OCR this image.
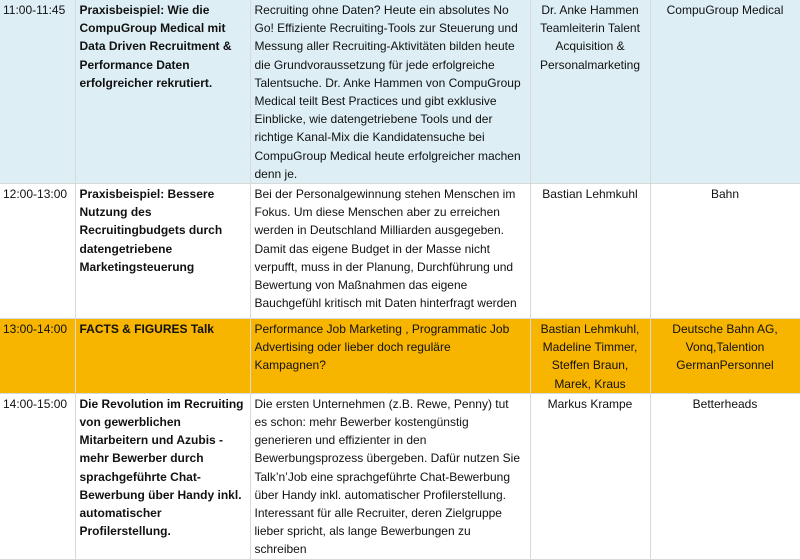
11:00-11:45	Praxisbeispiel: Wie die CompuGroup Medical mit Data Driven Recruitment & Performance Daten erfolgreicher rekrutiert.	Recruiting ohne Daten? Heute ein absolutes No Go! Effiziente Recruiting-Tools zur Steuerung und Messung aller Recruiting-Aktivitäten bilden heute die Grundvoraussetzung für jede erfolgreiche Talentsuche. Dr. Anke Hammen von CompuGroup Medical teilt Best Practices und gibt exklusive Einblicke, wie datengetriebene Tools und der richtige Kanal-Mix die Kandidatensuche bei CompuGroup Medical heute erfolgreicher machen denn je.	Dr. Anke Hammen Teamleiterin Talent Acquisition & Personalmarketing	CompuGroup Medical
12:00-13:00	Praxisbeispiel: Bessere Nutzung des Recruitingbudgets durch datengetriebene Marketingsteuerung	Bei der Personalgewinnung stehen Menschen im Fokus. Um diese Menschen aber zu erreichen werden in Deutschland Milliarden ausgegeben. Damit das eigene Budget in der Masse nicht verpufft, muss in der Planung, Durchführung und Bewertung von Maßnahmen das eigene Bauchgefühl kritisch mit Daten hinterfragt werden	Bastian Lehmkuhl	Bahn
13:00-14:00	FACTS & FIGURES Talk	Performance Job Marketing , Programmatic Job Advertising oder lieber doch reguläre Kampagnen?	Bastian Lehmkuhl, Madeline Timmer, Steffen Braun, Marek, Kraus	Deutsche Bahn AG, Vonq,Talention GermanPersonnel
14:00-15:00	Die Revolution im Recruiting von gewerblichen Mitarbeitern und Azubis - mehr Bewerber durch sprachgeführte Chat-Bewerbung über Handy inkl. automatischer Profilerstellung.	Die ersten Unternehmen (z.B. Rewe, Penny) tut es schon: mehr Bewerber kostengünstig generieren und effizienter in den Bewerbungsprozess übergeben. Dafür nutzen Sie Talk’n’Job eine sprachgeführte Chat-Bewerbung über Handy inkl. automatischer Profilerstellung. Interessant für alle Recruiter, deren Zielgruppe lieber spricht, als lange Bewerbungen zu schreiben	Markus Krampe	Betterheads
